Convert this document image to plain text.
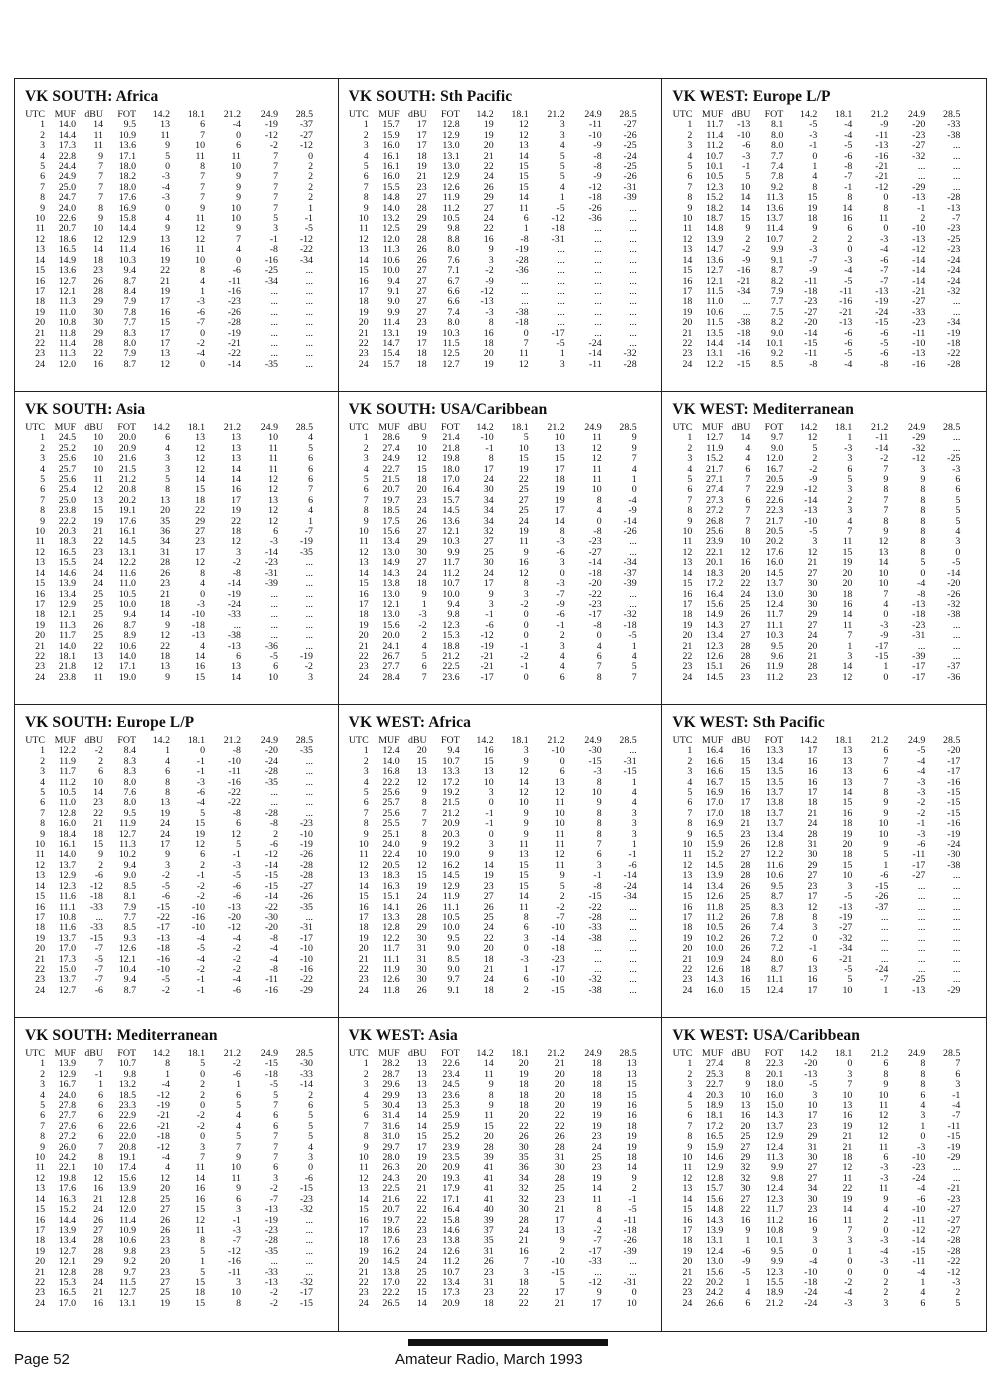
VK SOUTH: Africa
UTC	MUF	dBU	FOT	14.2	18.1	21.2	24.9	28.5
1	14.0	14	9.5	13	6	-4	-19	-37
2	14.4	11	10.9	11	7	0	-12	-27
3	17.3	11	13.6	9	10	6	-2	-12
4	22.8	9	17.1	5	11	11	7	0
5	24.4	7	18.0	0	8	10	7	2
6	24.9	7	18.2	-3	7	9	7	2
7	25.0	7	18.0	-4	7	9	7	2
8	24.7	7	17.6	-3	7	9	7	2
9	24.0	8	16.9	0	9	10	7	1
10	22.6	9	15.8	4	11	10	5	-1
11	20.7	10	14.4	9	12	9	3	-5
12	18.6	12	12.9	13	12	7	-1	-12
13	16.5	14	11.4	16	11	4	-8	-22
14	14.9	18	10.3	19	10	0	-16	-34
15	13.6	23	9.4	22	8	-6	-25	...
16	12.7	26	8.7	21	4	-11	-34	...
17	12.1	28	8.4	19	1	-16	...	...
18	11.3	29	7.9	17	-3	-23	...	...
19	11.0	30	7.8	16	-6	-26	...	...
20	10.8	30	7.7	15	-7	-28	...	...
21	11.8	29	8.3	17	0	-19	...	...
22	11.4	28	8.0	17	-2	-21	...	...
23	11.3	22	7.9	13	-4	-22	...	...
24	12.0	16	8.7	12	0	-14	-35	...
VK SOUTH: Sth Pacific
UTC	MUF	dBU	FOT	14.2	18.1	21.2	24.9	28.5
1	15.7	17	12.8	19	12	3	-11	-27
2	15.9	17	12.9	19	12	3	-10	-26
3	16.0	17	13.0	20	13	4	-9	-25
4	16.1	18	13.1	21	14	5	-8	-24
5	16.1	19	13.0	22	15	5	-8	-25
6	16.0	21	12.9	24	15	5	-9	-26
7	15.5	23	12.6	26	15	4	-12	-31
8	14.8	27	11.9	29	14	1	-18	-39
9	14.0	28	11.2	27	11	-5	-26	...
10	13.2	29	10.5	24	6	-12	-36	...
11	12.5	29	9.8	22	1	-18	...	...
12	12.0	28	8.8	16	-8	-31	...	...
13	11.3	26	8.0	9	-19	...	...	...
14	10.6	26	7.6	3	-28	...	...	...
15	10.0	27	7.1	-2	-36	...	...	...
16	9.4	27	6.7	-9	...	...	...	...
17	9.1	27	6.6	-12	...	...	...	...
18	9.0	27	6.6	-13	...	...	...	...
19	9.9	27	7.4	-3	-38	...	...	...
20	11.4	23	8.0	8	-18	...	...	...
21	13.1	19	10.3	16	0	-17	...	...
22	14.7	17	11.5	18	7	-5	-24	...
23	15.4	18	12.5	20	11	1	-14	-32
24	15.7	18	12.7	19	12	3	-11	-28
VK WEST: Europe L/P
UTC	MUF	dBU	FOT	14.2	18.1	21.2	24.9	28.5
1	11.7	-13	8.1	-5	-4	-9	-20	-33
2	11.4	-10	8.0	-3	-4	-11	-23	-38
3	11.2	-6	8.0	-1	-5	-13	-27	...
4	10.7	-3	7.7	0	-6	-16	-32	...
5	10.1	-1	7.4	1	-8	-21	...	...
6	10.5	5	7.8	4	-7	-21	...	...
7	12.3	10	9.2	8	-1	-12	-29	...
8	15.2	14	11.3	15	8	0	-13	-28
9	18.2	14	13.6	19	14	8	-1	-13
10	18.7	15	13.7	18	16	11	2	-7
11	14.8	9	11.4	9	6	0	-10	-23
12	13.9	2	10.7	2	2	-3	-13	-25
13	14.7	-2	9.9	-3	0	-4	-12	-23
14	13.6	-9	9.1	-7	-3	-6	-14	-24
15	12.7	-16	8.7	-9	-4	-7	-14	-24
16	12.1	-21	8.2	-11	-5	-7	-14	-24
17	11.5	-34	7.9	-18	-11	-13	-21	-32
18	11.0	...	7.7	-23	-16	-19	-27	...
19	10.6	...	7.5	-27	-21	-24	-33	...
20	11.5	-38	8.2	-20	-13	-15	-23	-34
21	13.5	-18	9.0	-14	-6	-6	-11	-19
22	14.4	-14	10.1	-15	-6	-5	-10	-18
23	13.1	-16	9.2	-11	-5	-6	-13	-22
24	12.2	-15	8.5	-8	-4	-8	-16	-28
VK SOUTH: Asia
UTC	MUF	dBU	FOT	14.2	18.1	21.2	24.9	28.5
1	24.5	10	20.0	6	13	13	10	4
2	25.2	10	20.9	4	12	13	11	5
3	25.6	10	21.6	3	12	13	11	6
4	25.7	10	21.5	3	12	14	11	6
5	25.6	11	21.2	5	14	14	12	6
6	25.4	12	20.8	8	15	16	12	7
7	25.0	13	20.2	13	18	17	13	6
8	23.8	15	19.1	20	22	19	12	4
9	22.2	19	17.6	35	29	22	12	1
10	20.3	21	16.1	36	27	18	6	-7
11	18.3	22	14.5	34	23	12	-3	-19
12	16.5	23	13.1	31	17	3	-14	-35
13	15.5	24	12.2	28	12	-2	-23	...
14	14.6	24	11.6	26	8	-8	-31	...
15	13.9	24	11.0	23	4	-14	-39	...
16	13.4	25	10.5	21	0	-19	...	...
17	12.9	25	10.0	18	-3	-24	...	...
18	12.1	25	9.4	14	-10	-33	...	...
19	11.3	26	8.7	9	-18	...	...	...
20	11.7	25	8.9	12	-13	-38	...	...
21	14.0	22	10.6	22	4	-13	-36	...
22	18.1	13	14.0	18	14	6	-5	-19
23	21.8	12	17.1	13	16	13	6	-2
24	23.8	11	19.0	9	15	14	10	3
VK SOUTH: USA/Caribbean
UTC	MUF	dBU	FOT	14.2	18.1	21.2	24.9	28.5
1	28.6	9	21.4	-10	5	10	11	9
2	27.4	10	21.8	-1	10	13	12	9
3	24.9	12	19.8	8	15	15	12	7
4	22.7	15	18.0	17	19	17	11	4
5	21.5	18	17.0	24	22	18	11	1
6	20.7	20	16.4	30	25	19	10	0
7	19.7	23	15.7	34	27	19	8	-4
8	18.5	24	14.5	34	25	17	4	-9
9	17.5	26	13.6	34	24	14	0	-14
10	15.6	27	12.1	32	19	8	-8	-26
11	13.4	29	10.3	27	11	-3	-23	...
12	13.0	30	9.9	25	9	-6	-27	...
13	14.9	27	11.7	30	16	3	-14	-34
14	14.3	24	11.2	24	12	0	-18	-37
15	13.8	18	10.7	17	8	-3	-20	-39
16	13.0	9	10.0	9	3	-7	-22	...
17	12.1	1	9.4	3	-2	-9	-23	...
18	13.0	-3	9.8	-1	0	-6	-17	-32
19	15.6	-2	12.3	-6	0	-1	-8	-18
20	20.0	2	15.3	-12	0	2	0	-5
21	24.1	4	18.8	-19	-1	3	4	1
22	26.7	5	21.2	-21	-2	4	6	4
23	27.7	6	22.5	-21	-1	4	7	5
24	28.4	7	23.6	-17	0	6	8	7
VK WEST: Mediterranean
UTC	MUF	dBU	FOT	14.2	18.1	21.2	24.9	28.5
1	12.7	14	9.7	12	1	-11	-29	...
2	11.9	4	9.0	5	-3	-14	-32	...
3	15.2	4	12.0	2	3	-2	-12	-25
4	21.7	6	16.7	-2	6	7	3	-3
5	27.1	7	20.5	-9	5	9	9	6
6	27.4	7	22.9	-12	3	8	8	6
7	27.3	6	22.6	-14	2	7	8	5
8	27.2	7	22.3	-13	3	7	8	5
9	26.8	7	21.7	-10	4	8	8	5
10	25.6	8	20.5	-5	7	9	8	4
11	23.9	10	20.2	3	11	12	8	3
12	22.1	12	17.6	12	15	13	8	0
13	20.1	16	16.0	21	19	14	5	-5
14	18.3	20	14.5	27	20	10	0	-14
15	17.2	22	13.7	30	20	10	-4	-20
16	16.4	24	13.0	30	18	7	-8	-26
17	15.6	25	12.4	30	16	4	-13	-32
18	14.9	26	11.7	29	14	0	-18	-38
19	14.3	27	11.1	27	11	-3	-23	...
20	13.4	27	10.3	24	7	-9	-31	...
21	12.3	28	9.5	20	1	-17	...	...
22	12.6	28	9.6	21	3	-15	-39	...
23	15.1	26	11.9	28	14	1	-17	-37
24	14.5	23	11.2	23	12	0	-17	-36
VK SOUTH: Europe L/P
UTC	MUF	dBU	FOT	14.2	18.1	21.2	24.9	28.5
1	12.2	-2	8.4	1	0	-8	-20	-35
2	11.9	2	8.3	4	-1	-10	-24	...
3	11.7	6	8.3	6	-1	-11	-28	...
4	11.2	10	8.0	8	-3	-16	-35	...
5	10.5	14	7.6	8	-6	-22	...	...
6	11.0	23	8.0	13	-4	-22	...	...
7	12.8	22	9.5	19	5	-8	-28	...
8	16.0	21	11.9	24	15	6	-8	-23
9	18.4	18	12.7	24	19	12	2	-10
10	16.1	15	11.3	17	12	5	-6	-19
11	14.0	9	10.2	9	6	-1	-12	-26
12	13.7	2	9.4	3	2	-3	-14	-28
13	12.9	-6	9.0	-2	-1	-5	-15	-28
14	12.3	-12	8.5	-5	-2	-6	-15	-27
15	11.6	-18	8.1	-6	-2	-6	-14	-26
16	11.1	-33	7.9	-15	-10	-13	-22	-35
17	10.8	...	7.7	-22	-16	-20	-30	...
18	11.6	-33	8.5	-17	-10	-12	-20	-31
19	13.7	-15	9.3	-13	-4	-4	-8	-17
20	17.0	-7	12.6	-18	-5	-2	-4	-10
21	17.3	-5	12.1	-16	-4	-2	-4	-10
22	15.0	-7	10.4	-10	-2	-2	-8	-16
23	13.7	-7	9.4	-5	-1	-4	-11	-22
24	12.7	-6	8.7	-2	-1	-6	-16	-29
VK WEST: Africa
UTC	MUF	dBU	FOT	14.2	18.1	21.2	24.9	28.5
1	12.4	20	9.4	16	3	-10	-30	...
2	14.0	15	10.7	15	9	0	-15	-31
3	16.8	13	13.3	13	12	6	-3	-15
4	22.2	12	17.2	10	14	13	8	1
5	25.6	9	19.2	3	12	12	10	4
6	25.7	8	21.5	0	10	11	9	4
7	25.6	7	21.2	-1	9	10	8	3
8	25.5	7	20.9	-1	9	10	8	3
9	25.1	8	20.3	0	9	11	8	3
10	24.0	9	19.2	3	11	11	7	1
11	22.4	10	19.0	9	13	12	6	-1
12	20.5	12	16.2	14	15	11	3	-6
13	18.3	15	14.5	19	15	9	-1	-14
14	16.3	19	12.9	23	15	5	-8	-24
15	15.1	24	11.9	27	14	2	-15	-34
16	14.1	26	11.1	26	11	-2	-22	...
17	13.3	28	10.5	25	8	-7	-28	...
18	12.8	29	10.0	24	6	-10	-33	...
19	12.2	30	9.5	22	3	-14	-38	...
20	11.7	31	9.0	20	0	-18	...	...
21	11.1	31	8.5	18	-3	-23	...	...
22	11.9	30	9.0	21	1	-17	...	...
23	12.6	30	9.7	24	6	-10	-32	...
24	11.8	26	9.1	18	2	-15	-38	...
VK WEST: Sth Pacific
UTC	MUF	dBU	FOT	14.2	18.1	21.2	24.9	28.5
1	16.4	16	13.3	17	13	6	-5	-20
2	16.6	15	13.4	16	13	7	-4	-17
3	16.6	15	13.5	16	13	6	-4	-17
4	16.7	15	13.5	16	13	7	-3	-16
5	16.9	16	13.7	17	14	8	-3	-15
6	17.0	17	13.8	18	15	9	-2	-15
7	17.0	18	13.7	21	16	9	-2	-15
8	16.9	21	13.7	24	18	10	-1	-16
9	16.5	23	13.4	28	19	10	-3	-19
10	15.9	26	12.8	31	20	9	-6	-24
11	15.2	27	12.2	30	18	5	-11	-30
12	14.5	28	11.6	29	15	1	-17	-38
13	13.9	28	10.6	27	10	-6	-27	...
14	13.4	26	9.5	23	3	-15	...	...
15	12.6	25	8.7	17	-5	-26	...	...
16	11.8	25	8.3	12	-13	-37	...	...
17	11.2	26	7.8	8	-19	...	...	...
18	10.5	26	7.4	3	-27	...	...	...
19	10.2	26	7.2	0	-32	...	...	...
20	10.0	26	7.2	-1	-34	...	...	...
21	10.9	24	8.0	6	-21	...	...	...
22	12.6	18	8.7	13	-5	-24	...	...
23	14.3	16	11.1	16	5	-7	-25	...
24	16.0	15	12.4	17	10	1	-13	-29
VK SOUTH: Mediterranean
UTC	MUF	dBU	FOT	14.2	18.1	21.2	24.9	28.5
1	13.9	7	10.7	8	5	-2	-15	-30
2	12.9	-1	9.8	1	0	-6	-18	-33
3	16.7	1	13.2	-4	2	1	-5	-14
4	24.0	6	18.5	-12	2	6	5	2
5	27.8	6	23.3	-19	0	5	7	6
6	27.7	6	22.9	-21	-2	4	6	5
7	27.6	6	22.6	-21	-2	4	6	5
8	27.2	6	22.0	-18	0	5	7	5
9	26.0	7	20.8	-12	3	7	7	4
10	24.2	8	19.1	-4	7	9	7	3
11	22.1	10	17.4	4	11	10	6	0
12	19.8	12	15.6	12	14	11	3	-6
13	17.6	16	13.9	20	16	9	-2	-15
14	16.3	21	12.8	25	16	6	-7	-23
15	15.2	24	12.0	27	15	3	-13	-32
16	14.4	26	11.4	26	12	-1	-19	...
17	13.9	27	10.9	26	11	-3	-23	...
18	13.4	28	10.6	23	8	-7	-28	...
19	12.7	28	9.8	23	5	-12	-35	...
20	12.1	29	9.2	20	1	-16	...	...
21	12.8	28	9.7	23	5	-11	-33	...
22	15.3	24	11.5	27	15	3	-13	-32
23	16.5	21	12.7	25	18	10	-2	-17
24	17.0	16	13.1	19	15	8	-2	-15
VK WEST: Asia
UTC	MUF	dBU	FOT	14.2	18.1	21.2	24.9	28.5
1	28.2	13	22.6	14	20	21	18	13
2	28.7	13	23.4	11	19	20	18	13
3	29.6	13	24.5	9	18	20	18	15
4	29.9	13	23.6	8	18	20	18	15
5	30.4	13	25.3	9	18	20	19	16
6	31.4	14	25.9	11	20	22	19	16
7	31.6	14	25.9	15	22	22	19	18
8	31.0	15	25.2	20	26	26	23	19
9	29.7	17	23.9	28	30	28	24	19
10	28.0	19	23.5	39	35	31	25	18
11	26.3	20	20.9	41	36	30	23	14
12	24.3	20	19.3	41	34	28	19	9
13	22.5	21	17.9	41	32	25	14	2
14	21.6	22	17.1	41	32	23	11	-1
15	20.7	22	16.4	40	30	21	8	-5
16	19.7	22	15.8	39	28	17	4	-11
17	18.6	23	14.6	37	24	13	-2	-18
18	17.6	23	13.8	35	21	9	-7	-26
19	16.2	24	12.6	31	16	2	-17	-39
20	14.5	24	11.2	26	7	-10	-33	...
21	13.8	25	10.7	23	3	-15	...	...
22	17.0	22	13.4	31	18	5	-12	-31
23	22.2	15	17.3	23	22	17	9	0
24	26.5	14	20.9	18	22	21	17	10
VK WEST: USA/Caribbean
UTC	MUF	dBU	FOT	14.2	18.1	21.2	24.9	28.5
1	27.4	8	22.3	-20	0	6	8	7
2	25.3	8	20.1	-13	3	8	8	6
3	22.7	9	18.0	-5	7	9	8	3
4	20.3	10	16.0	3	10	10	6	-1
5	18.9	13	15.0	10	13	11	4	-4
6	18.1	16	14.3	17	16	12	3	-7
7	17.2	20	13.7	23	19	12	1	-11
8	16.5	25	12.9	29	21	12	0	-15
9	15.9	27	12.4	31	21	11	-3	-19
10	14.6	29	11.3	30	18	6	-10	-29
11	12.9	32	9.9	27	12	-3	-23	...
12	12.8	32	9.8	27	11	-3	-24	...
13	15.7	30	12.4	34	22	11	-4	-21
14	15.6	27	12.3	30	19	9	-6	-23
15	14.8	22	11.7	23	14	4	-10	-27
16	14.3	16	11.2	16	11	2	-11	-27
17	13.9	9	10.8	9	7	0	-12	-27
18	13.1	1	10.1	3	3	-3	-14	-28
19	12.4	-6	9.5	0	1	-4	-15	-28
20	13.0	-9	9.9	-4	0	-3	-11	-22
21	15.6	-5	12.3	-10	0	0	-4	-12
22	20.2	1	15.5	-18	-2	2	1	-3
23	24.2	4	18.9	-24	-4	2	4	2
24	26.6	6	21.2	-24	-3	3	6	5
Page 52	Amateur Radio, March 1993
